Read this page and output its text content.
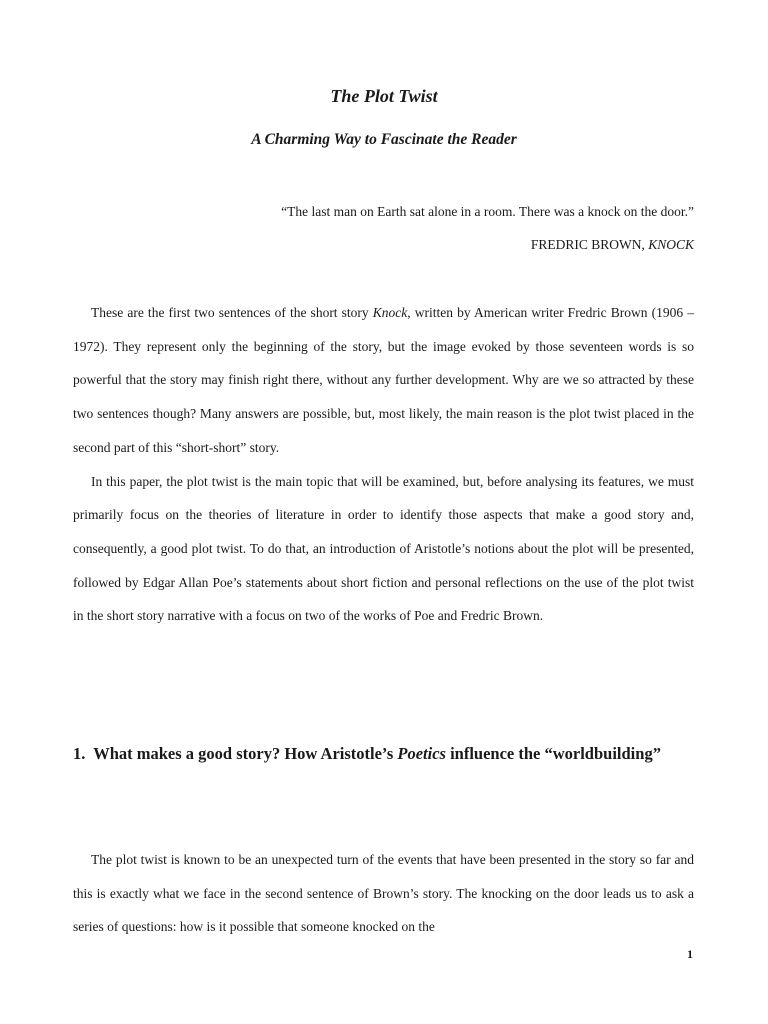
The Plot Twist
A Charming Way to Fascinate the Reader
“The last man on Earth sat alone in a room. There was a knock on the door.”
FREDRIC BROWN, KNOCK

These are the first two sentences of the short story Knock, written by American writer Fredric Brown (1906 – 1972). They represent only the beginning of the story, but the image evoked by those seventeen words is so powerful that the story may finish right there, without any further development. Why are we so attracted by these two sentences though? Many answers are possible, but, most likely, the main reason is the plot twist placed in the second part of this “short-short” story.

In this paper, the plot twist is the main topic that will be examined, but, before analysing its features, we must primarily focus on the theories of literature in order to identify those aspects that make a good story and, consequently, a good plot twist. To do that, an introduction of Aristotle’s notions about the plot will be presented, followed by Edgar Allan Poe’s statements about short fiction and personal reflections on the use of the plot twist in the short story narrative with a focus on two of the works of Poe and Fredric Brown.

1. What makes a good story? How Aristotle’s Poetics influence the “worldbuilding”

The plot twist is known to be an unexpected turn of the events that have been presented in the story so far and this is exactly what we face in the second sentence of Brown’s story. The knocking on the door leads us to ask a series of questions: how is it possible that someone knocked on the

1
